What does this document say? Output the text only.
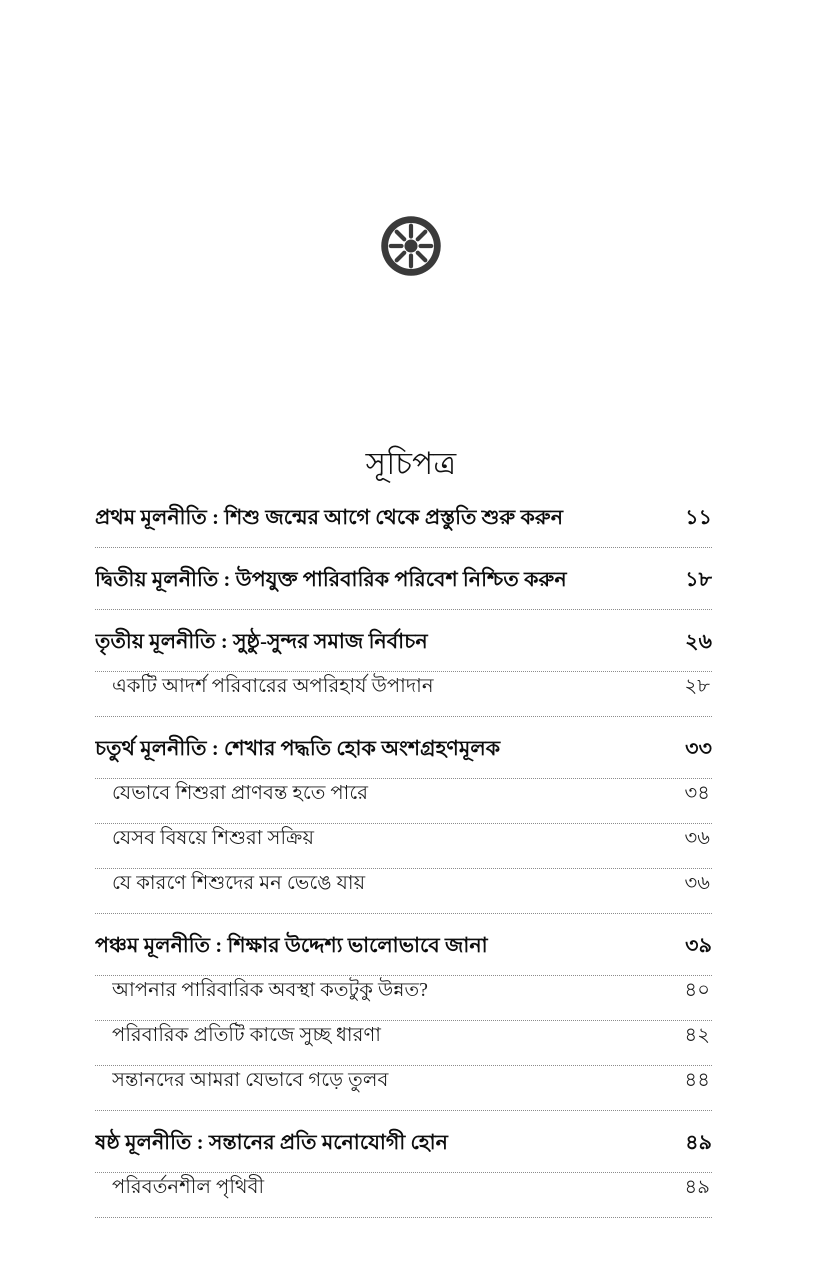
সূচিপত্র
প্রথম মূলনীতি : শিশু জন্মের আগে থেকে প্রস্তুতি শুরু করুন	১১
দ্বিতীয় মূলনীতি : উপযুক্ত পারিবারিক পরিবেশ নিশ্চিত করুন	১৮
তৃতীয় মূলনীতি : সুষ্ঠু-সুন্দর সমাজ নির্বাচন	২৬
একটি আদর্শ পরিবারের অপরিহার্য উপাদান	২৮
চতুর্থ মূলনীতি : শেখার পদ্ধতি হোক অংশগ্রহণমূলক	৩৩
যেভাবে শিশুরা প্রাণবন্ত হতে পারে	৩৪
যেসব বিষয়ে শিশুরা সক্রিয়	৩৬
যে কারণে শিশুদের মন ভেঙে যায়	৩৬
পঞ্চম মূলনীতি : শিক্ষার উদ্দেশ্য ভালোভাবে জানা	৩৯
আপনার পারিবারিক অবস্থা কতটুকু উন্নত?	৪০
পরিবারিক প্রতিটি কাজে সুচ্ছ ধারণা	৪২
সন্তানদের আমরা যেভাবে গড়ে তুলব	৪৪
ষষ্ঠ মূলনীতি : সন্তানের প্রতি মনোযোগী হোন	৪৯
পরিবর্তনশীল পৃথিবী	৪৯
